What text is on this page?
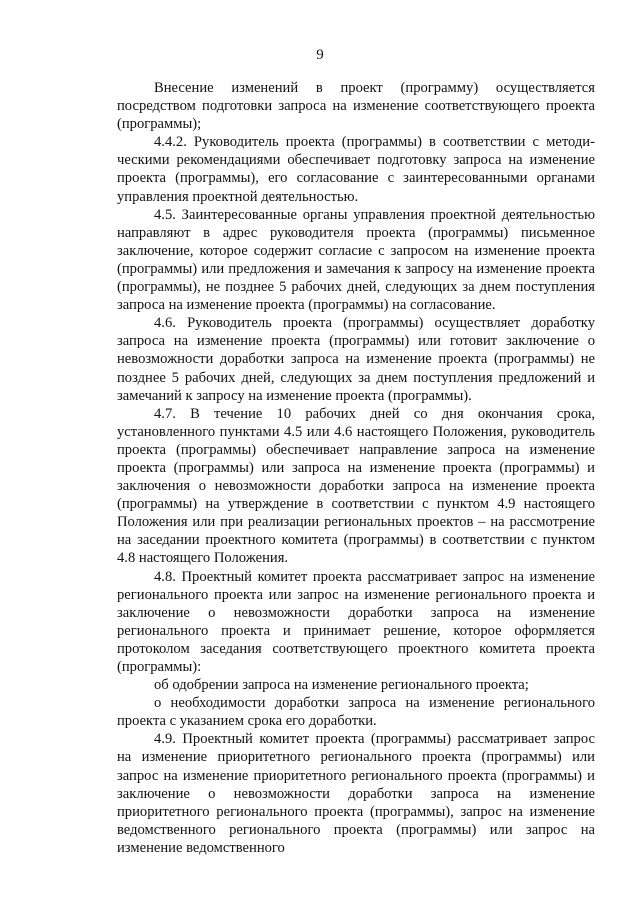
9

Внесение изменений в проект (программу) осуществляется посредством подготовки запроса на изменение соответствующего проекта (программы);

4.4.2. Руководитель проекта (программы) в соответствии с методическими рекомендациями обеспечивает подготовку запроса на изменение проекта (программы), его согласование с заинтересованными органами управления проектной деятельностью.

4.5. Заинтересованные органы управления проектной деятельностью направляют в адрес руководителя проекта (программы) письменное заключение, которое содержит согласие с запросом на изменение проекта (программы) или предложения и замечания к запросу на изменение проекта (программы), не позднее 5 рабочих дней, следующих за днем поступления запроса на изменение проекта (программы) на согласование.

4.6. Руководитель проекта (программы) осуществляет доработку запроса на изменение проекта (программы) или готовит заключение о невозможности доработки запроса на изменение проекта (программы) не позднее 5 рабочих дней, следующих за днем поступления предложений и замечаний к запросу на изменение проекта (программы).

4.7. В течение 10 рабочих дней со дня окончания срока, установленного пунктами 4.5 или 4.6 настоящего Положения, руководитель проекта (программы) обеспечивает направление запроса на изменение проекта (программы) или запроса на изменение проекта (программы) и заключения о невозможности доработки запроса на изменение проекта (программы) на утверждение в соответствии с пунктом 4.9 настоящего Положения или при реализации региональных проектов – на рассмотрение на заседании проектного комитета (программы) в соответствии с пунктом 4.8 настоящего Положения.

4.8. Проектный комитет проекта рассматривает запрос на изменение регионального проекта или запрос на изменение регионального проекта и заключение о невозможности доработки запроса на изменение регионального проекта и принимает решение, которое оформляется протоколом заседания соответствующего проектного комитета проекта (программы):

об одобрении запроса на изменение регионального проекта;

о необходимости доработки запроса на изменение регионального проекта с указанием срока его доработки.

4.9. Проектный комитет проекта (программы) рассматривает запрос на изменение приоритетного регионального проекта (программы) или запрос на изменение приоритетного регионального проекта (программы) и заключение о невозможности доработки запроса на изменение приоритетного регионального проекта (программы), запрос на изменение ведомственного регионального проекта (программы) или запрос на изменение ведомственного
